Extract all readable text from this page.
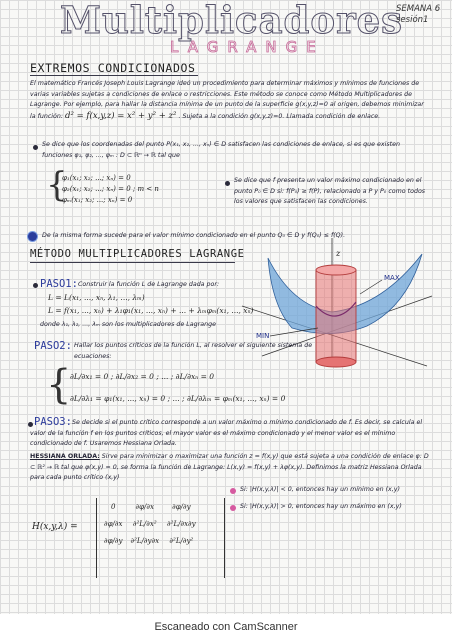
Multiplicadores
LAGRANGE
SEMANA 6
sesión1
EXTREMOS CONDICIONADOS
El matemático Francés Joseph Louis Lagrange ideó un procedimiento para determinar máximos y mínimos de funciones de varias variables sujetas a condiciones de enlace o restricciones. Este método se conoce como Método Multiplicadores de Lagrange. Por ejemplo, para hallar la distancia mínima de un punto de la superficie g(x,y,z)=0 al origen, debemos minimizar la función: d² = f(x,y,z) = x² + y² + z² . Sujeta a la condición g(x,y,z)=0. Llamada condición de enlace.
Se dice que los coordenadas del punto P(x₁, x₂, ..., xₙ) ∈ D satisfacen las condiciones de enlace, si es que existen funciones φ₁, φ₂, ..., φₘ : D ⊂ ℝⁿ → ℝ tal que
{
φ₁(x₁; x₂; ...; xₙ) = 0
φ₂(x₁; x₂; ...; xₙ) = 0 ; m < n
φₘ(x₁; x₂; ...; xₙ) = 0
Se dice que f presenta un valor máximo condicionado en el punto P₀ ∈ D si: f(P₀) ≥ f(P), relacionado a P y P₀ como todos los valores que satisfacen las condiciones.
De la misma forma sucede para el valor mínimo condicionado en el punto Q₀ ∈ D y f(Q₀) ≤ f(Q).
MÉTODO MULTIPLICADORES LAGRANGE	z
MAX
MIN
PASO1: Construir la función L de Lagrange dada por:
L = L(x₁, ..., xₙ, λ₁, ..., λₘ)
L = f(x₁, ..., xₙ) + λ₁φ₁(x₁, ..., xₙ) + ... + λₘφₘ(x₁, ..., xₙ)
donde λ₁, λ₂, ..., λₘ son los multiplicadores de Lagrange
PASO2: Hallar los puntos críticos de la función L, al resolver el siguiente sistema de ecuaciones:
{
∂L/∂x₁ = 0 ; ∂L/∂x₂ = 0 ; ... ; ∂L/∂xₙ = 0
∂L/∂λ₁ = φ₁(x₁, ..., xₙ) = 0 ; ... ; ∂L/∂λₘ = φₘ(x₁, ..., xₙ) = 0
PASO3: Se decide si el punto crítico corresponde a un valor máximo o mínimo condicionado de f. Es decir, se calcula el valor de la función f en los puntos críticos, el mayor valor es el máximo condicionado y el menor valor es el mínimo condicionado de f. Usaremos Hessiana Orlada.
HESSIANA ORLADA: Sirve para minimizar o maximizar una función z = f(x,y) que está sujeta a una condición de enlace φ: D ⊂ ℝ² → ℝ tal que φ(x,y) = 0, se forma la función de Lagrange: L(x,y) = f(x,y) + λφ(x,y). Definimos la matriz Hessiana Orlada para cada punto crítico (x,y)
H(x,y,λ) =
0	∂φ/∂x	∂φ/∂y
∂φ/∂x	∂²L/∂x²	∂²L/∂x∂y
∂φ/∂y	∂²L/∂y∂x	∂²L/∂y²
Si: |H(x,y,λ)| < 0, entonces hay un mínimo en (x,y)
Si: |H(x,y,λ)| > 0, entonces hay un máximo en (x,y)
Escaneado con CamScanner
